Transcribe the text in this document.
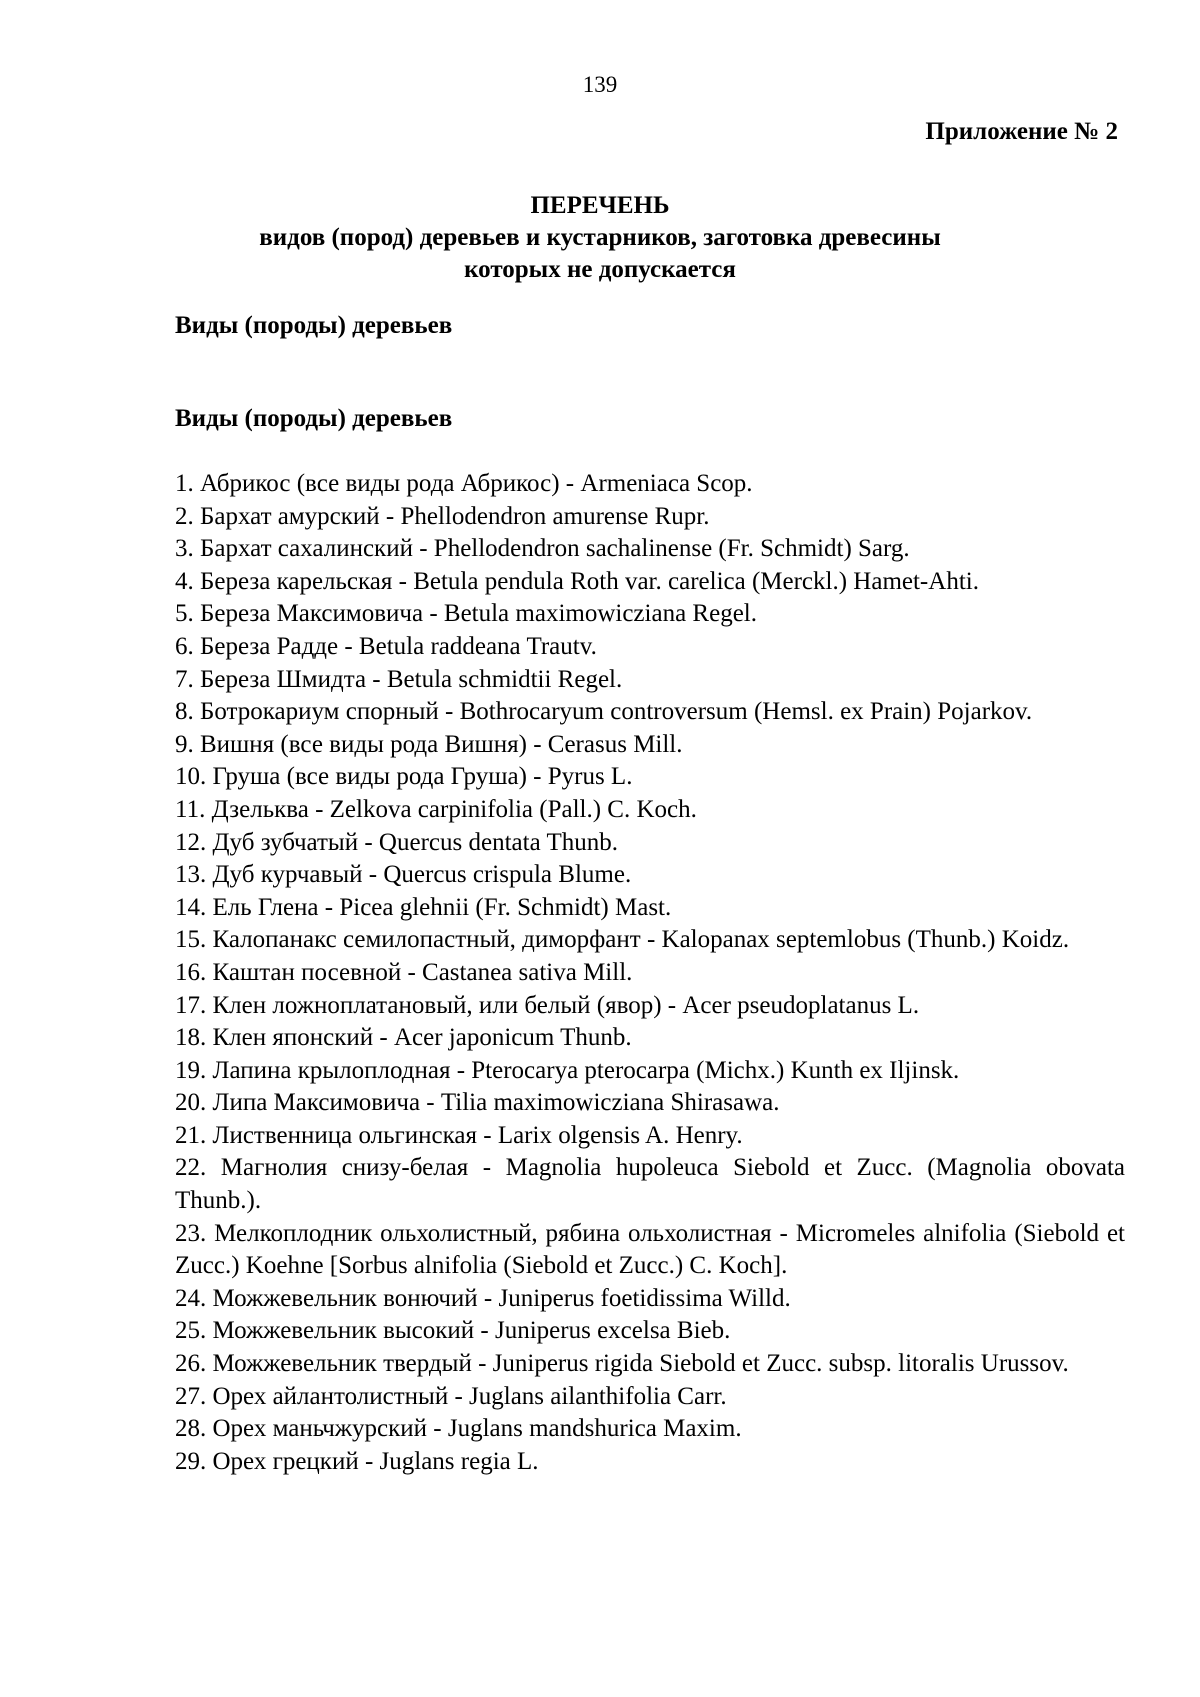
139
Приложение № 2
ПЕРЕЧЕНЬ
видов (пород) деревьев и кустарников, заготовка древесины
которых не допускается
Виды (породы) деревьев
Виды (породы) деревьев

1. Абрикос (все виды рода Абрикос) - Armeniaca Scop.

2. Бархат амурский - Phellodendron amurense Rupr.

3. Бархат сахалинский - Phellodendron sachalinense (Fr. Schmidt) Sarg.

4. Береза карельская - Betula pendula Roth var. carelica (Merckl.) Hamet-Ahti.

5. Береза Максимовича - Betula maximowicziana Regel.

6. Береза Радде - Betula raddeana Trautv.

7. Береза Шмидта - Betula schmidtii Regel.

8. Ботрокариум спорный - Bothrocaryum controversum (Hemsl. ex Prain) Pojarkov.

9. Вишня (все виды рода Вишня) - Cerasus Mill.

10. Груша (все виды рода Груша) - Pyrus L.

11. Дзельква - Zelkova carpinifolia (Pall.) C. Koch.

12. Дуб зубчатый - Quercus dentata Thunb.

13. Дуб курчавый - Quercus crispula Blume.

14. Ель Глена - Picea glehnii (Fr. Schmidt) Mast.

15. Калопанакс семилопастный, диморфант - Kalopanax septemlobus (Thunb.) Koidz.

16. Каштан посевной - Castanea sativa Mill.

17. Клен ложноплатановый, или белый (явор) - Acer pseudoplatanus L.

18. Клен японский - Acer japonicum Thunb.

19. Лапина крылоплодная - Pterocarya pterocarpa (Michx.) Kunth ex Iljinsk.

20. Липа Максимовича - Tilia maximowicziana Shirasawa.

21. Лиственница ольгинская - Larix olgensis A. Henry.

22. Магнолия снизу-белая - Magnolia hupoleuca Siebold et Zucc. (Magnolia obovata Thunb.).

23. Мелкоплодник ольхолистный, рябина ольхолистная - Micromeles alnifolia (Siebold et Zucc.) Koehne [Sorbus alnifolia (Siebold et Zucc.) C. Koch].

24. Можжевельник вонючий - Juniperus foetidissima Willd.

25. Можжевельник высокий - Juniperus excelsa Bieb.

26. Можжевельник твердый - Juniperus rigida Siebold et Zucc. subsp. litoralis Urussov.

27. Орех айлантолистный - Juglans ailanthifolia Carr.

28. Орех маньчжурский - Juglans mandshurica Maxim.

29. Орех грецкий - Juglans regia L.
